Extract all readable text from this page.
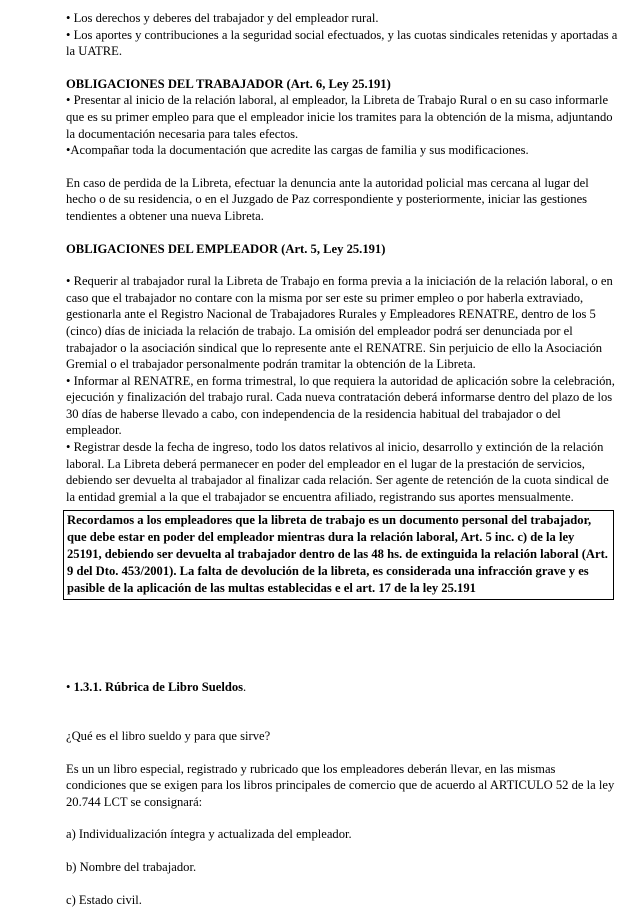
• Los derechos y deberes del trabajador y del empleador rural.

• Los aportes y contribuciones a la seguridad social efectuados, y las cuotas sindicales retenidas y aportadas a la UATRE.

OBLIGACIONES DEL TRABAJADOR (Art. 6, Ley 25.191)

• Presentar al inicio de la relación laboral, al empleador, la Libreta de Trabajo Rural o en su caso informarle que es su primer empleo para que el empleador inicie los tramites para la obtención de la misma, adjuntando la documentación necesaria para tales efectos.

• Acompañar toda la documentación que acredite las cargas de familia y sus modificaciones.

En caso de perdida de la Libreta, efectuar la denuncia ante la autoridad policial mas cercana al lugar del hecho o de su residencia, o en el Juzgado de Paz correspondiente y posteriormente, iniciar las gestiones tendientes a obtener una nueva Libreta.

OBLIGACIONES DEL EMPLEADOR (Art. 5, Ley 25.191)

• Requerir al trabajador rural la Libreta de Trabajo en forma previa a la iniciación de la relación laboral, o en caso que el trabajador no contare con la misma por ser este su primer empleo o por haberla extraviado, gestionarla ante el Registro Nacional de Trabajadores Rurales y Empleadores RENATRE, dentro de los 5 (cinco) días de iniciada la relación de trabajo. La omisión del empleador podrá ser denunciada por el trabajador o la asociación sindical que lo represente ante el RENATRE. Sin perjuicio de ello la Asociación Gremial o el trabajador personalmente podrán tramitar la obtención de la Libreta.

• Informar al RENATRE, en forma trimestral, lo que requiera la autoridad de aplicación sobre la celebración, ejecución y finalización del trabajo rural. Cada nueva contratación deberá informarse dentro del plazo de los 30 días de haberse llevado a cabo, con independencia de la residencia habitual del trabajador o del empleador.

• Registrar desde la fecha de ingreso, todo los datos relativos al inicio, desarrollo y extinción de la relación laboral. La Libreta deberá permanecer en poder del empleador en el lugar de la prestación de servicios, debiendo ser devuelta al trabajador al finalizar cada relación. Ser agente de retención de la cuota sindical de la entidad gremial a la que el trabajador se encuentra afiliado, registrando sus aportes mensualmente.

Recordamos a los empleadores que la libreta de trabajo es un documento personal del trabajador, que debe estar en poder del empleador mientras dura la relación laboral, Art. 5 inc. c) de la ley 25191, debiendo ser devuelta al trabajador dentro de las 48 hs. de extinguida la relación laboral (Art. 9 del Dto. 453/2001). La falta de devolución de la libreta, es considerada una infracción grave y es pasible de la aplicación de las multas establecidas e el art. 17 de la ley 25.191

• 1.3.1. Rúbrica de Libro Sueldos.

¿Qué es el libro sueldo y para que sirve?

Es un un libro especial, registrado y rubricado que los empleadores deberán llevar, en las mismas condiciones que se exigen para los libros principales de comercio que de acuerdo al ARTICULO 52 de la ley 20.744 LCT se consignará:

a) Individualización íntegra y actualizada del empleador.

b) Nombre del trabajador.

c) Estado civil.
